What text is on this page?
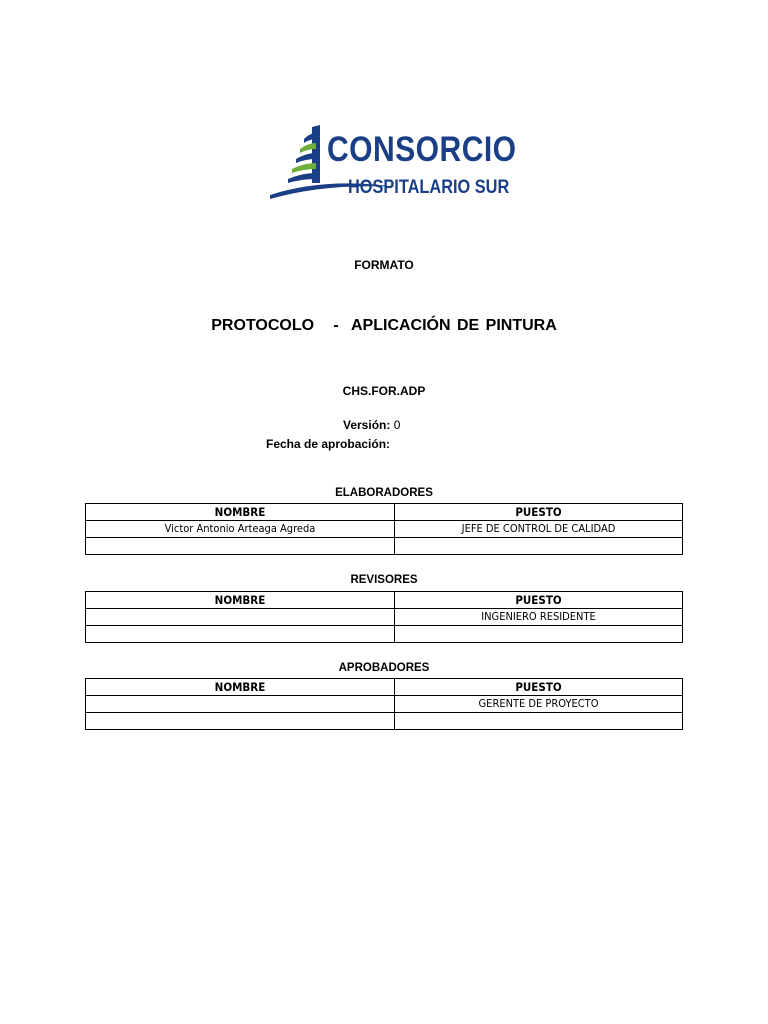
CONSORCIO
HOSPITALARIO SUR
FORMATO
PROTOCOLO   -  APLICACIÓN DE PINTURA
CHS.FOR.ADP
Versión: 0
Fecha de aprobación:
ELABORADORES
NOMBRE	PUESTO
Victor Antonio Arteaga Agreda	JEFE DE CONTROL DE CALIDAD

REVISORES
NOMBRE	PUESTO
	INGENIERO RESIDENTE

APROBADORES
NOMBRE	PUESTO
	GERENTE DE PROYECTO
